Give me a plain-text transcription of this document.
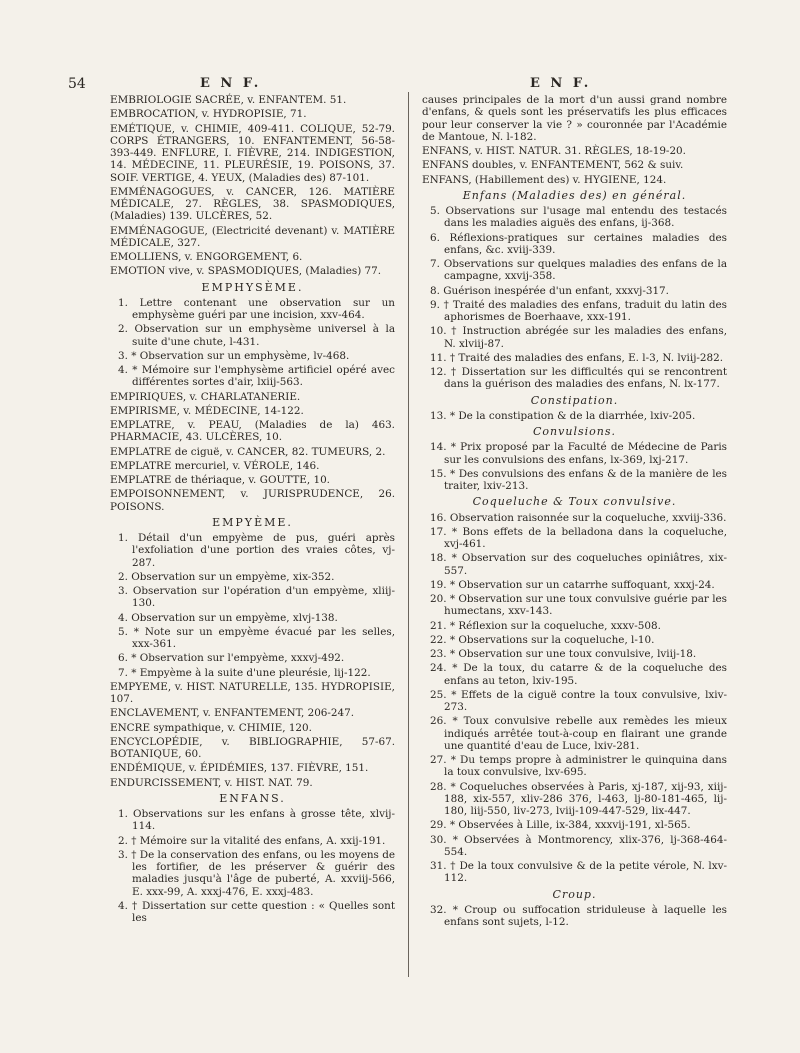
54	E N F.	E N F.

EMBRIOLOGIE SACRÉE, v. ENFANTEM. 51.

EMBROCATION, v. HYDROPISIE, 71.

EMÉTIQUE, v. CHIMIE, 409-411. COLIQUE, 52-79. CORPS ÉTRANGERS, 10. ENFANTEMENT, 56-58-393-449. ENFLURE, I. FIÈVRE, 214. INDIGESTION, 14. MÉDECINE, 11. PLEURÉSIE, 19. POISONS, 37. SOIF. VERTIGE, 4. YEUX, (Maladies des) 87-101.

EMMÉNAGOGUES, v. CANCER, 126. MATIÈRE MÉDICALE, 27. RÈGLES, 38. SPASMODIQUES, (Maladies) 139. ULCÈRES, 52.

EMMÉNAGOGUE, (Electricité devenant) v. MATIÈRE MÉDICALE, 327.

EMOLLIENS, v. ENGORGEMENT, 6.

EMOTION vive, v. SPASMODIQUES, (Maladies) 77.

EMPHYSÈME.

1. Lettre contenant une observation sur un emphysème guéri par une incision, xxv-464.

2. Observation sur un emphysème universel à la suite d'une chute, l-431.

3. * Observation sur un emphysème, lv-468.

4. * Mémoire sur l'emphysème artificiel opéré avec différentes sortes d'air, lxiij-563.

EMPIRIQUES, v. CHARLATANERIE.

EMPIRISME, v. MÉDECINE, 14-122.

EMPLATRE, v. PEAU, (Maladies de la) 463. PHARMACIE, 43. ULCÈRES, 10.

EMPLATRE de ciguë, v. CANCER, 82. TUMEURS, 2.

EMPLATRE mercuriel, v. VÉROLE, 146.

EMPLATRE de thériaque, v. GOUTTE, 10.

EMPOISONNEMENT, v. JURISPRUDENCE, 26. POISONS.

EMPYÈME.

1. Détail d'un empyème de pus, guéri après l'exfoliation d'une portion des vraies côtes, vj-287.

2. Observation sur un empyème, xix-352.

3. Observation sur l'opération d'un empyème, xliij-130.

4. Observation sur un empyème, xlvj-138.

5. * Note sur un empyème évacué par les selles, xxx-361.

6. * Observation sur l'empyème, xxxvj-492.

7. * Empyème à la suite d'une pleurésie, lij-122.

EMPYEME, v. HIST. NATURELLE, 135. HYDROPISIE, 107.

ENCLAVEMENT, v. ENFANTEMENT, 206-247.

ENCRE sympathique, v. CHIMIE, 120.

ENCYCLOPÉDIE, v. BIBLIOGRAPHIE, 57-67. BOTANIQUE, 60.

ENDÉMIQUE, v. ÉPIDÉMIES, 137. FIÈVRE, 151.

ENDURCISSEMENT, v. HIST. NAT. 79.

ENFANS.

1. Observations sur les enfans à grosse tête, xlvij-114.

2. † Mémoire sur la vitalité des enfans, A. xxij-191.

3. † De la conservation des enfans, ou les moyens de les fortifier, de les préserver & guérir des maladies jusqu'à l'âge de puberté, A. xxviij-566, E. xxx-99, A. xxxj-476, E. xxxj-483.

4. † Dissertation sur cette question : « Quelles sont les

causes principales de la mort d'un aussi grand nombre d'enfans, & quels sont les préservatifs les plus efficaces pour leur conserver la vie ? » couronnée par l'Académie de Mantoue, N. l-182.

ENFANS, v. HIST. NATUR. 31. RÈGLES, 18-19-20.

ENFANS doubles, v. ENFANTEMENT, 562 & suiv.

ENFANS, (Habillement des) v. HYGIENE, 124.

Enfans (Maladies des) en général.

5. Observations sur l'usage mal entendu des testacés dans les maladies aiguës des enfans, ij-368.

6. Réflexions-pratiques sur certaines maladies des enfans, &c. xviij-339.

7. Observations sur quelques maladies des enfans de la campagne, xxvij-358.

8. Guérison inespérée d'un enfant, xxxvj-317.

9. † Traité des maladies des enfans, traduit du latin des aphorismes de Boerhaave, xxx-191.

10. † Instruction abrégée sur les maladies des enfans, N. xlviij-87.

11. † Traité des maladies des enfans, E. l-3, N. lviij-282.

12. † Dissertation sur les difficultés qui se rencontrent dans la guérison des maladies des enfans, N. lx-177.

Constipation.

13. * De la constipation & de la diarrhée, lxiv-205.

Convulsions.

14. * Prix proposé par la Faculté de Médecine de Paris sur les convulsions des enfans, lx-369, lxj-217.

15. * Des convulsions des enfans & de la manière de les traiter, lxiv-213.

Coqueluche & Toux convulsive.

16. Observation raisonnée sur la coqueluche, xxviij-336.

17. * Bons effets de la belladona dans la coqueluche, xvj-461.

18. * Observation sur des coqueluches opiniâtres, xix-557.

19. * Observation sur un catarrhe suffoquant, xxxj-24.

20. * Observation sur une toux convulsive guérie par les humectans, xxv-143.

21. * Réflexion sur la coqueluche, xxxv-508.

22. * Observations sur la coqueluche, l-10.

23. * Observation sur une toux convulsive, lviij-18.

24. * De la toux, du catarre & de la coqueluche des enfans au teton, lxiv-195.

25. * Effets de la ciguë contre la toux convulsive, lxiv-273.

26. * Toux convulsive rebelle aux remèdes les mieux indiqués arrêtée tout-à-coup en flairant une grande une quantité d'eau de Luce, lxiv-281.

27. * Du temps propre à administrer le quinquina dans la toux convulsive, lxv-695.

28. * Coqueluches observées à Paris, xj-187, xij-93, xiij-188, xix-557, xliv-286 376, l-463, lj-80-181-465, lij-180, liij-550, liv-273, lviij-109-447-529, lix-447.

29. * Observées à Lille, ix-384, xxxvij-191, xl-565.

30. * Observées à Montmorency, xlix-376, lj-368-464-554.

31. † De la toux convulsive & de la petite vérole, N. lxv-112.

Croup.

32. * Croup ou suffocation striduleuse à laquelle les enfans sont sujets, l-12.
